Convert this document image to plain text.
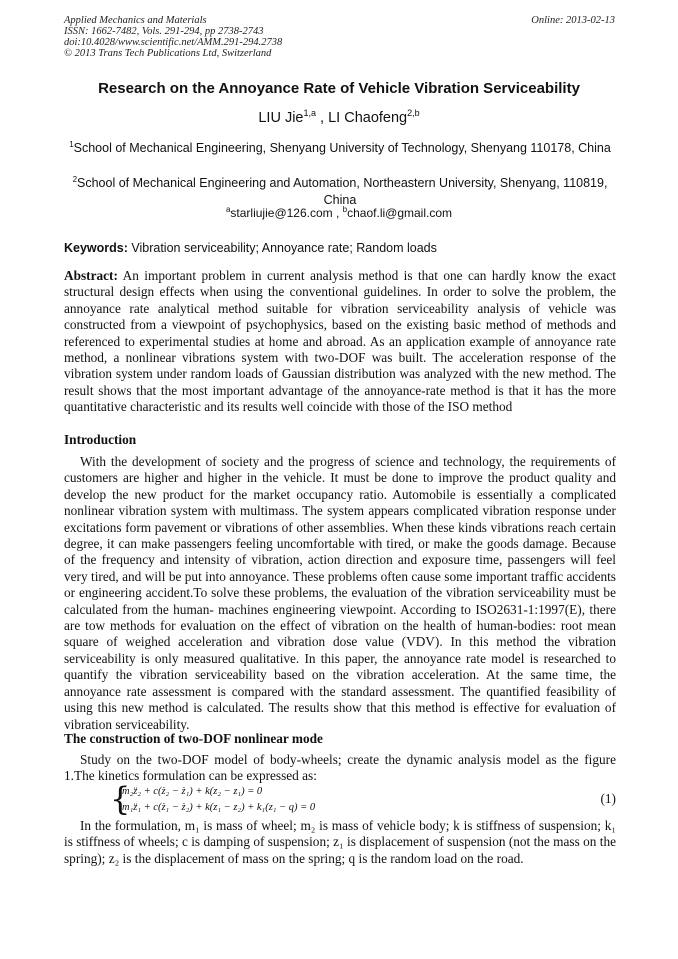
Applied Mechanics and Materials
ISSN: 1662-7482, Vols. 291-294, pp 2738-2743
doi:10.4028/www.scientific.net/AMM.291-294.2738
© 2013 Trans Tech Publications Ltd, Switzerland
Online: 2013-02-13
Research on the Annoyance Rate of Vehicle Vibration Serviceability
LIU Jie$^{1,a}$ , LI Chaofeng$^{2,b}$
$^1$School of Mechanical Engineering, Shenyang University of Technology, Shenyang 110178, China
$^2$School of Mechanical Engineering and Automation, Northeastern University, Shenyang, 110819, China
$^a$starliujie@126.com , $^b$chaof.li@gmail.com
Keywords: Vibration serviceability; Annoyance rate; Random loads
Abstract: An important problem in current analysis method is that one can hardly know the exact structural design effects when using the conventional guidelines. In order to solve the problem, the annoyance rate analytical method suitable for vibration serviceability analysis of vehicle was constructed from a viewpoint of psychophysics, based on the existing basic method of methods and referenced to experimental studies at home and abroad. As an application example of annoyance rate method, a nonlinear vibrations system with two-DOF was built. The acceleration response of the vibration system under random loads of Gaussian distribution was analyzed with the new method. The result shows that the most important advantage of the annoyance-rate method is that it has the more quantitative characteristic and its results well coincide with those of the ISO method
Introduction
With the development of society and the progress of science and technology, the requirements of customers are higher and higher in the vehicle. It must be done to improve the product quality and develop the new product for the market occupancy ratio. Automobile is essentially a complicated nonlinear vibration system with multimass. The system appears complicated vibration response under excitations form pavement or vibrations of other assemblies. When these kinds vibrations reach certain degree, it can make passengers feeling uncomfortable with tired, or make the goods damage. Because of the frequency and intensity of vibration, action direction and exposure time, passengers will feel very tired, and will be put into annoyance. These problems often cause some important traffic accidents or engineering accident.To solve these problems, the evaluation of the vibration serviceability must be calculated from the human- machines engineering viewpoint. According to ISO2631-1:1997(E), there are tow methods for evaluation on the effect of vibration on the health of human-bodies: root mean square of weighed acceleration and vibration dose value (VDV). In this method the vibration serviceability is only measured qualitative. In this paper, the annoyance rate model is researched to quantify the vibration serviceability based on the vibration acceleration. At the same time, the annoyance rate assessment is compared with the standard assessment. The quantified feasibility of using this new method is calculated. The results show that this method is effective for evaluation of vibration serviceability.
The construction of two-DOF nonlinear mode
Study on the two-DOF model of body-wheels; create the dynamic analysis model as the figure 1.The kinetics formulation can be expressed as:
{
m₂z̈₂ + c(ż₂ − ż₁) + k(z₂ − z₁) = 0
m₁z̈₁ + c(ż₁ − ż₂) + k(z₁ − z₂) + k₁(z₁ − q) = 0
(1)
In the formulation, m₁ is mass of wheel; m₂ is mass of vehicle body; k is stiffness of suspension; k₁ is stiffness of wheels; c is damping of suspension; z₁ is displacement of suspension (not the mass on the spring); z₂ is the displacement of mass on the spring; q is the random load on the road.
